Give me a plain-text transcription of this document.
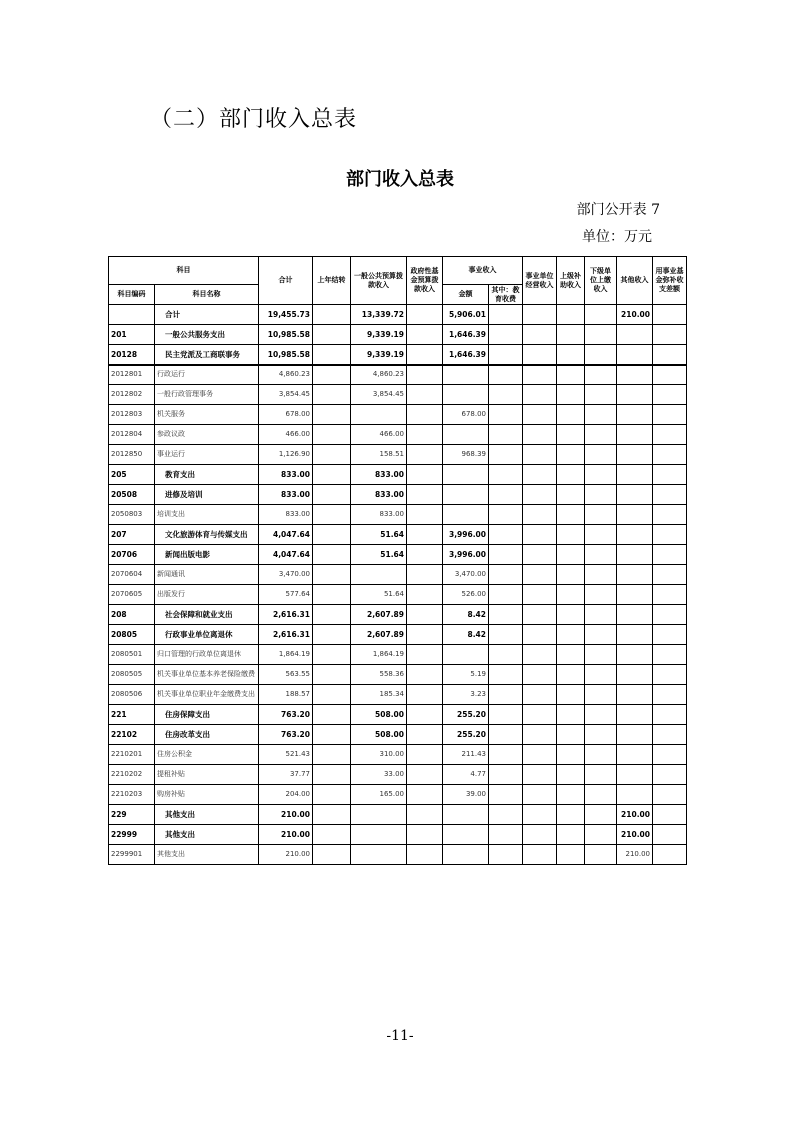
（二）部门收入总表
部门收入总表
部门公开表 7
单位：万元
科目		合计	上年结转	一般公共预算拨款收入	政府性基金预算拨款收入	事业收入		事业单位经营收入	上级补助收入	下级单位上缴收入	其他收入	用事业基金弥补收支差额
科目编码	科目名称					金额	其中：教育收费					
	合计	19,455.73		13,339.72		5,906.01					210.00	
201	一般公共服务支出	10,985.58		9,339.19		1,646.39						
20128	民主党派及工商联事务	10,985.58		9,339.19		1,646.39						
2012801	行政运行	4,860.23		4,860.23								
2012802	一般行政管理事务	3,854.45		3,854.45								
2012803	机关服务	678.00				678.00						
2012804	参政议政	466.00		466.00								
2012850	事业运行	1,126.90		158.51		968.39						
205	教育支出	833.00		833.00								
20508	进修及培训	833.00		833.00								
2050803	培训支出	833.00		833.00								
207	文化旅游体育与传媒支出	4,047.64		51.64		3,996.00						
20706	新闻出版电影	4,047.64		51.64		3,996.00						
2070604	新闻通讯	3,470.00				3,470.00						
2070605	出版发行	577.64		51.64		526.00						
208	社会保障和就业支出	2,616.31		2,607.89		8.42						
20805	行政事业单位离退休	2,616.31		2,607.89		8.42						
2080501	归口管理的行政单位离退休	1,864.19		1,864.19								
2080505	机关事业单位基本养老保险缴费	563.55		558.36		5.19						
2080506	机关事业单位职业年金缴费支出	188.57		185.34		3.23						
221	住房保障支出	763.20		508.00		255.20						
22102	住房改革支出	763.20		508.00		255.20						
2210201	住房公积金	521.43		310.00		211.43						
2210202	提租补贴	37.77		33.00		4.77						
2210203	购房补贴	204.00		165.00		39.00						
229	其他支出	210.00									210.00	
22999	其他支出	210.00									210.00	
2299901	其他支出	210.00									210.00	
-11-
